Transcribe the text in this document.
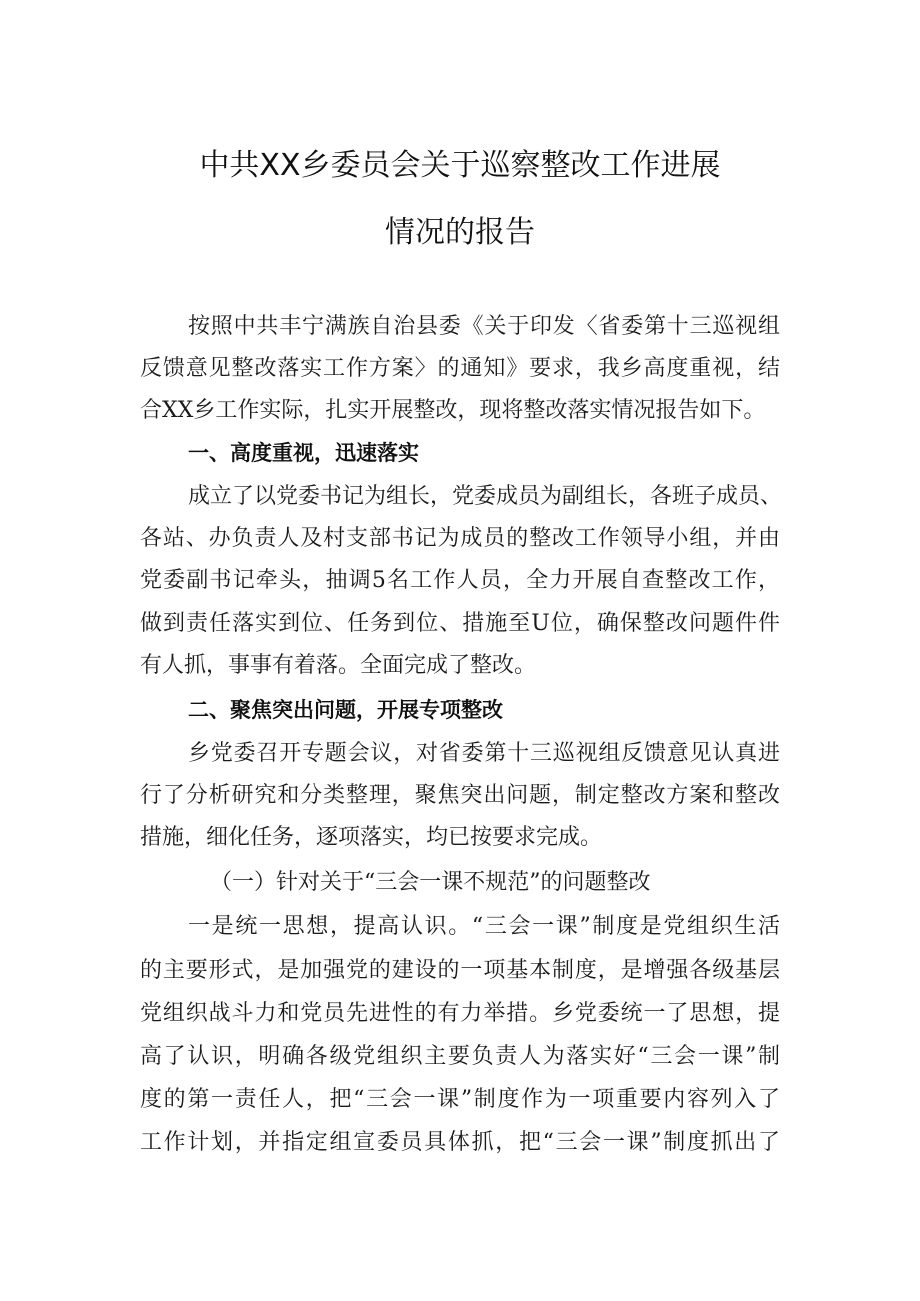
中共XX乡委员会关于巡察整改工作进展
情况的报告
按照中共丰宁满族自治县委《关于印发〈省委第十三巡视组
反馈意见整改落实工作方案〉的通知》要求，我乡高度重视，结
合XX乡工作实际，扎实开展整改，现将整改落实情况报告如下。
一、高度重视，迅速落实
成立了以党委书记为组长，党委成员为副组长，各班子成员、
各站、办负责人及村支部书记为成员的整改工作领导小组，并由
党委副书记牵头，抽调5名工作人员，全力开展自查整改工作，
做到责任落实到位、任务到位、措施至U位，确保整改问题件件
有人抓，事事有着落。全面完成了整改。
二、聚焦突出问题，开展专项整改
乡党委召开专题会议，对省委第十三巡视组反馈意见认真进
行了分析研究和分类整理，聚焦突出问题，制定整改方案和整改
措施，细化任务，逐项落实，均已按要求完成。
（一）针对关于“三会一课不规范”的问题整改
一是统一思想，提高认识。“三会一课”制度是党组织生活
的主要形式，是加强党的建设的一项基本制度，是增强各级基层
党组织战斗力和党员先进性的有力举措。乡党委统一了思想，提
高了认识，明确各级党组织主要负责人为落实好“三会一课”制
度的第一责任人，把“三会一课”制度作为一项重要内容列入了
工作计划，并指定组宣委员具体抓，把“三会一课”制度抓出了
